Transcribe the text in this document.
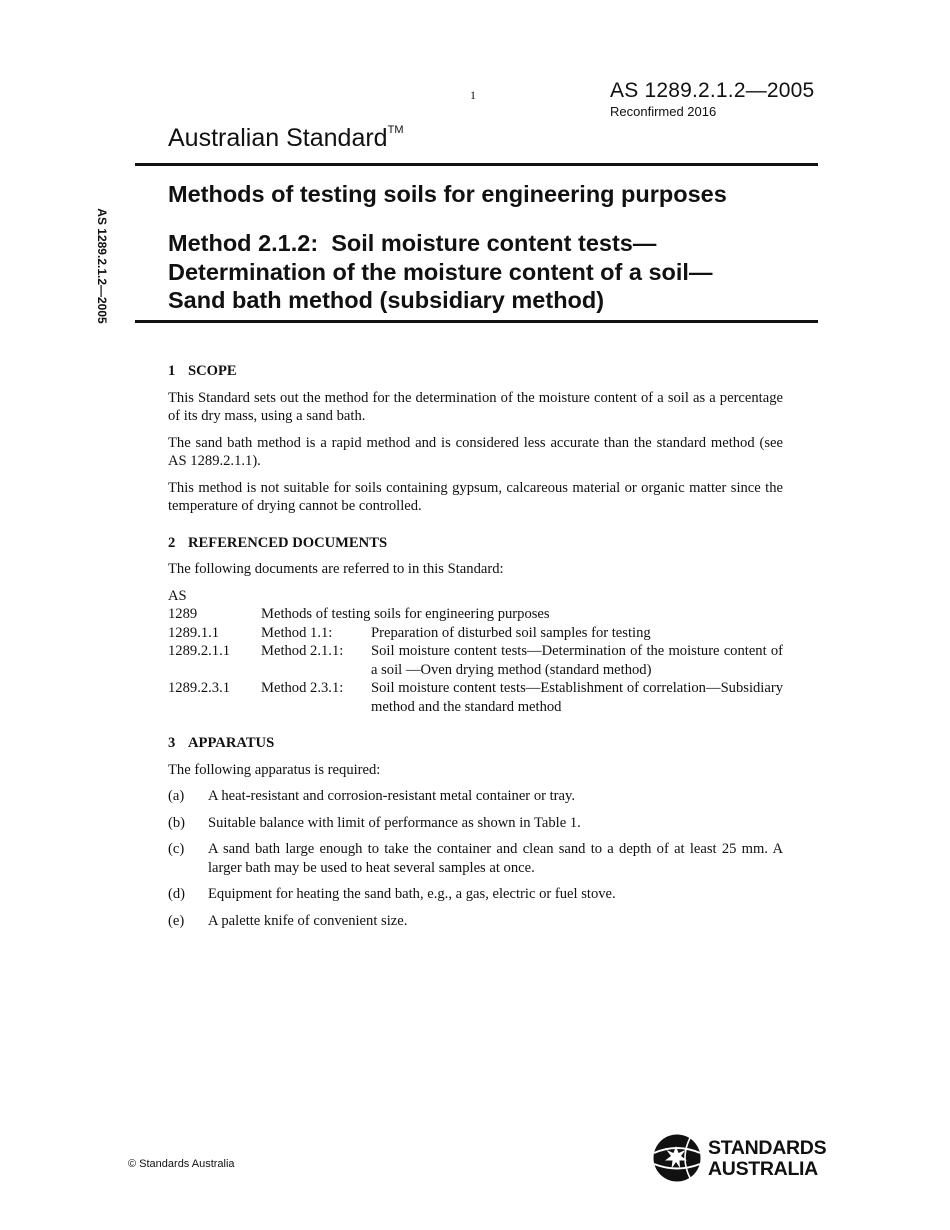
1	AS 1289.2.1.2—2005
Reconfirmed 2016
Australian Standard™
Methods of testing soils for engineering purposes
Method 2.1.2:  Soil moisture content tests—
Determination of the moisture content of a soil—
Sand bath method (subsidiary method)
AS 1289.2.1.2—2005
1 SCOPE

This Standard sets out the method for the determination of the moisture content of a soil as a percentage of its dry mass, using a sand bath.

The sand bath method is a rapid method and is considered less accurate than the standard method (see AS 1289.2.1.1).

This method is not suitable for soils containing gypsum, calcareous material or organic matter since the temperature of drying cannot be controlled.

2 REFERENCED DOCUMENTS

The following documents are referred to in this Standard:

AS
1289	Methods of testing soils for engineering purposes	
1289.1.1	Method 1.1:	Preparation of disturbed soil samples for testing
1289.2.1.1	Method 2.1.1:	Soil moisture content tests—Determination of the moisture content of a soil —Oven drying method (standard method)
1289.2.3.1	Method 2.3.1:	Soil moisture content tests—Establishment of correlation—Subsidiary method and the standard method
3 APPARATUS

The following apparatus is required:

(a)	A heat-resistant and corrosion-resistant metal container or tray.
(b)	Suitable balance with limit of performance as shown in Table 1.
(c)	A sand bath large enough to take the container and clean sand to a depth of at least 25 mm. A larger bath may be used to heat several samples at once.
(d)	Equipment for heating the sand bath, e.g., a gas, electric or fuel stove.
(e)	A palette knife of convenient size.
© Standards Australia
STANDARDS
AUSTRALIA
